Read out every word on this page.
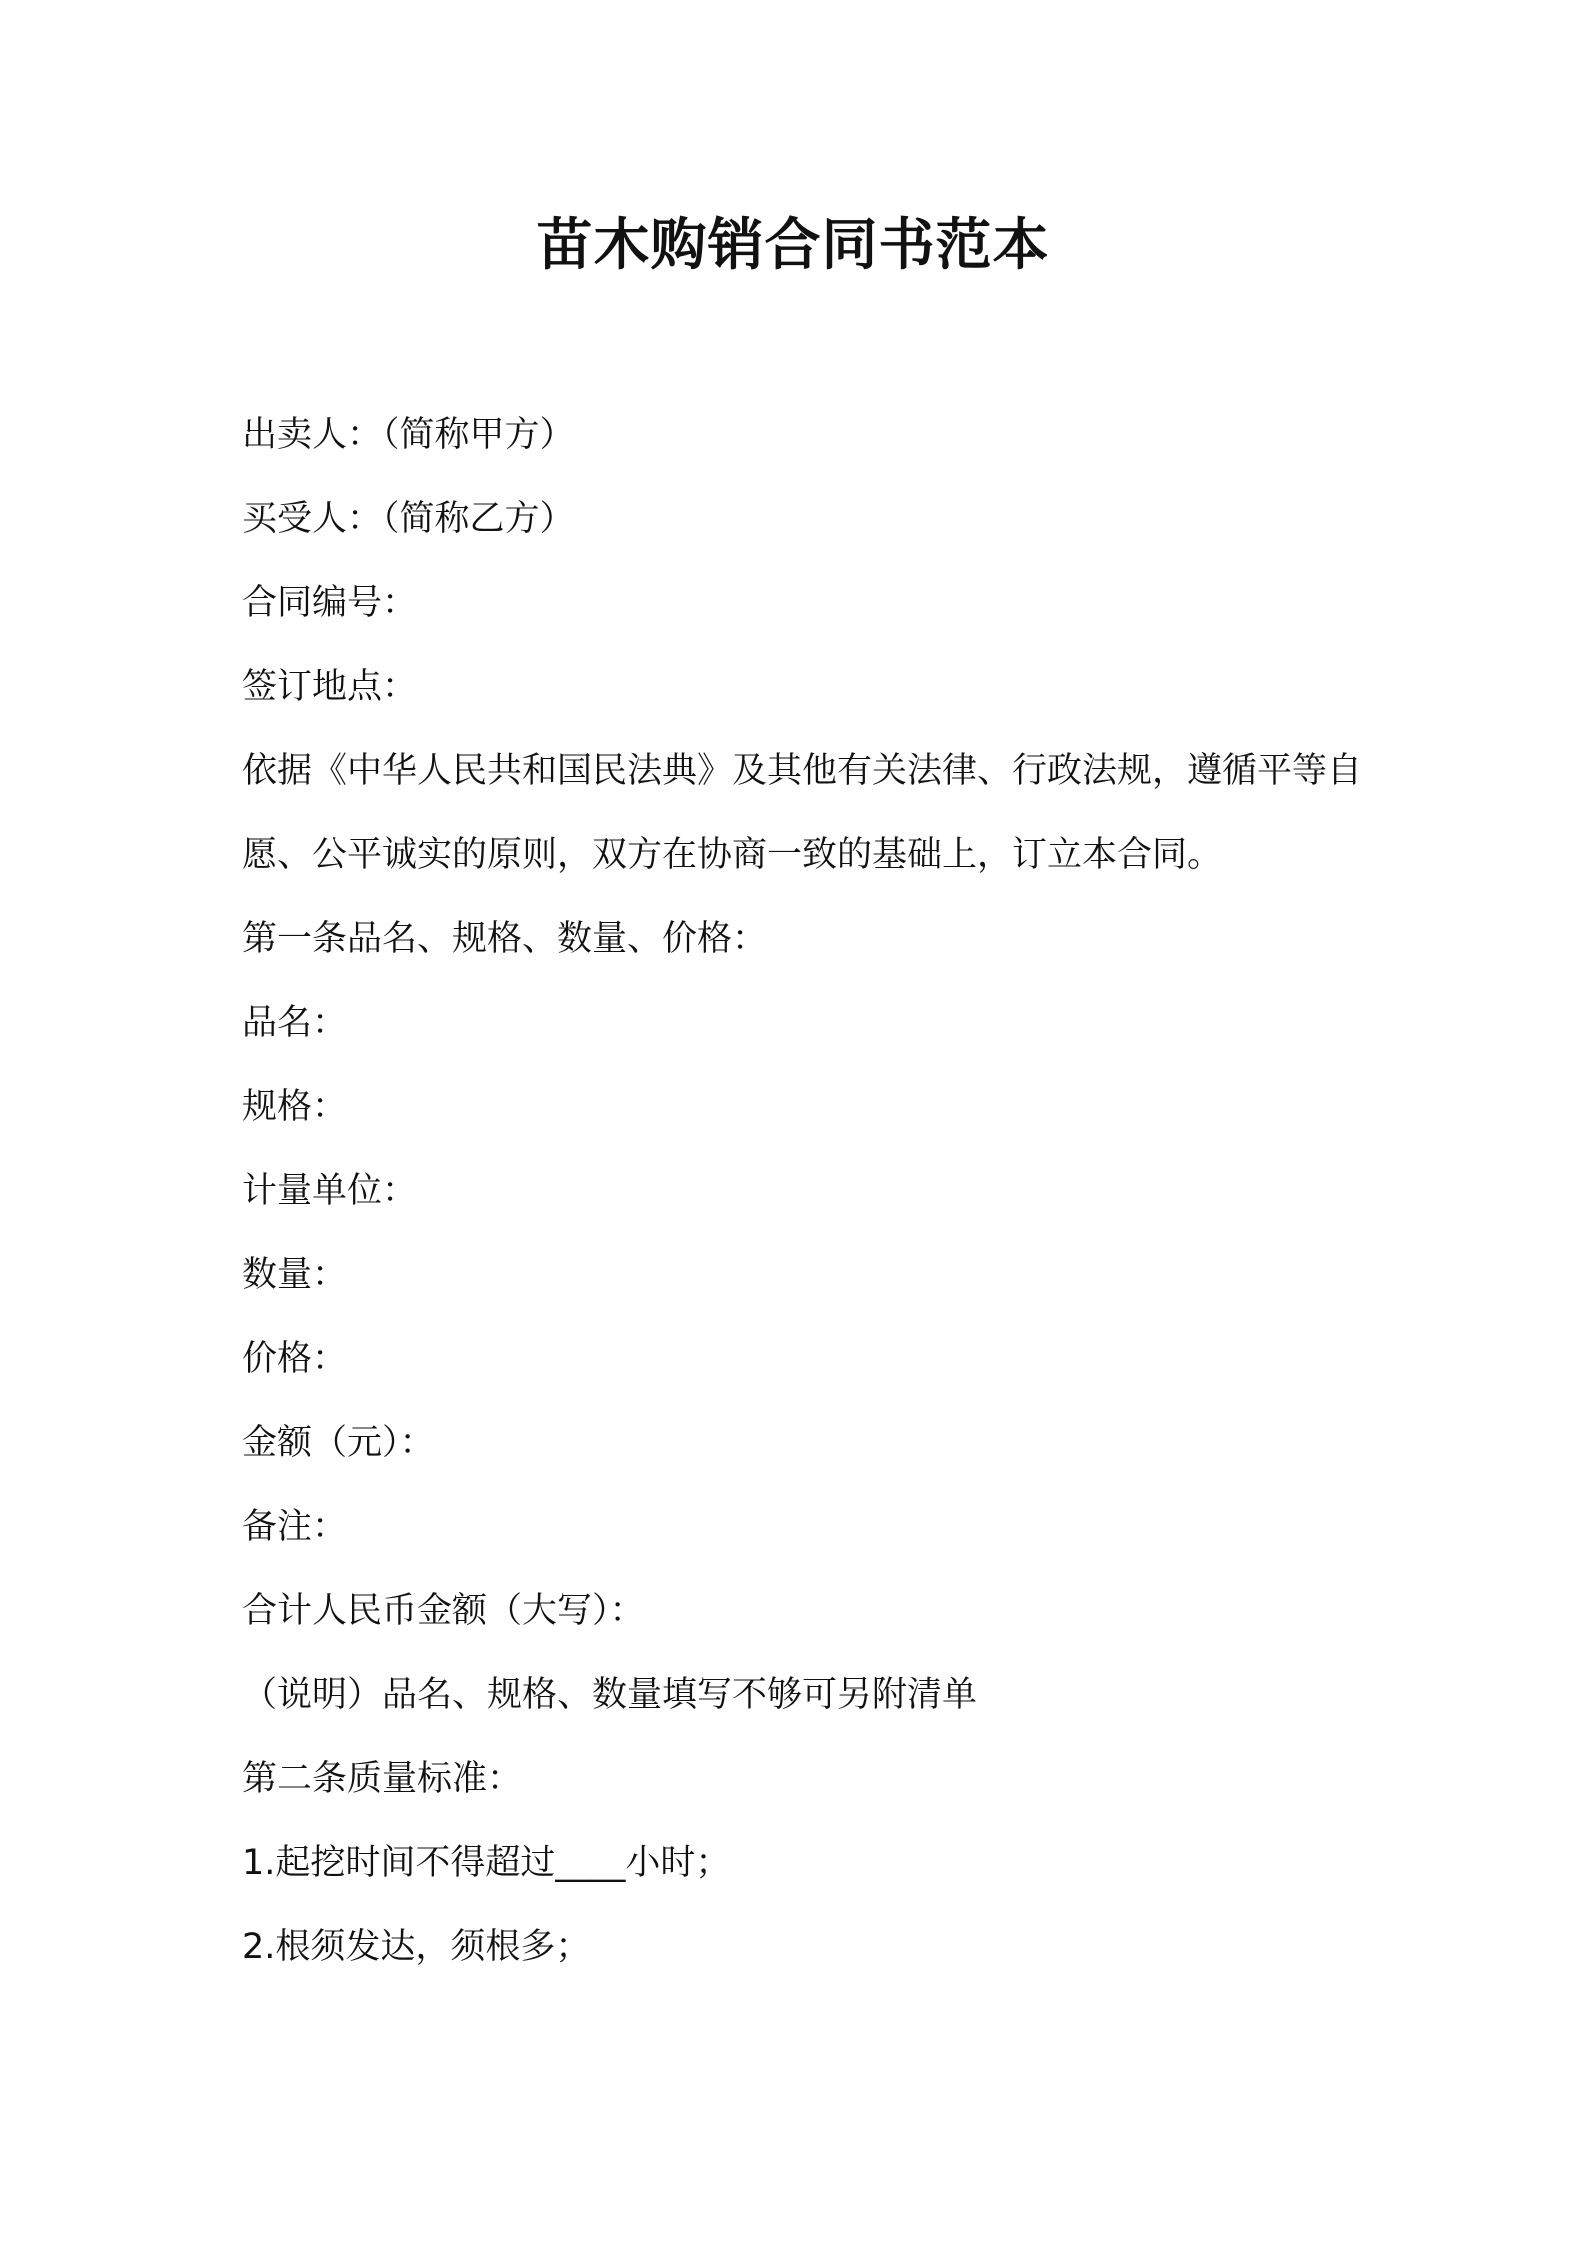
苗木购销合同书范本

出卖人：（简称甲方）

买受人：（简称乙方）

合同编号：

签订地点：

依据《中华人民共和国民法典》及其他有关法律、行政法规，遵循平等自愿、公平诚实的原则，双方在协商一致的基础上，订立本合同。

第一条品名、规格、数量、价格：

品名：

规格：

计量单位：

数量：

价格：

金额（元）：

备注：

合计人民币金额（大写）：

（说明）品名、规格、数量填写不够可另附清单

第二条质量标准：

1.起挖时间不得超过____小时；

2.根须发达，须根多；
